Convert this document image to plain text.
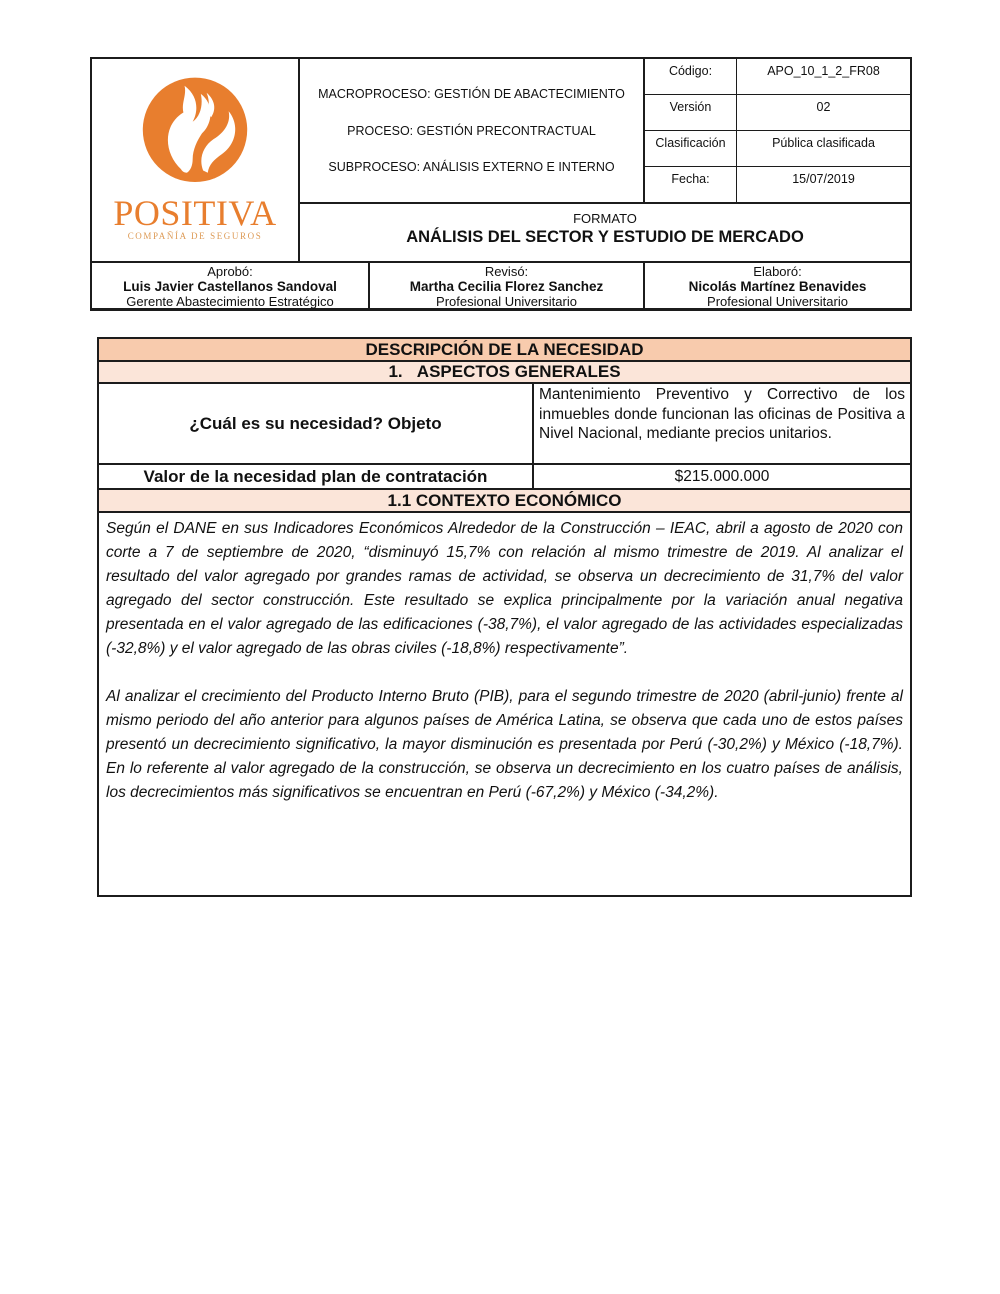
POSITIVA
COMPAÑÍA DE SEGUROS
MACROPROCESO: GESTIÓN DE ABACTECIMIENTO
PROCESO: GESTIÓN PRECONTRACTUAL
SUBPROCESO: ANÁLISIS EXTERNO E INTERNO
Código:	APO_10_1_2_FR08
Versión	02
Clasificación	Pública clasificada
Fecha:	15/07/2019
FORMATO
ANÁLISIS DEL SECTOR Y ESTUDIO DE MERCADO
Aprobó:
Luis Javier Castellanos Sandoval
Gerente Abastecimiento Estratégico
Revisó:
Martha Cecilia Florez Sanchez
Profesional Universitario
Elaboró:
Nicolás Martínez Benavides
Profesional Universitario
DESCRIPCIÓN DE LA NECESIDAD
1.   ASPECTOS GENERALES
¿Cuál es su necesidad? Objeto
Mantenimiento Preventivo y Correctivo de los inmuebles donde funcionan las oficinas de Positiva a Nivel Nacional, mediante precios unitarios.
Valor de la necesidad plan de contratación	$215.000.000
1.1 CONTEXTO ECONÓMICO

Según el DANE en sus Indicadores Económicos Alrededor de la Construcción – IEAC, abril a agosto de 2020 con corte a 7 de septiembre de 2020, “disminuyó 15,7% con relación al mismo trimestre de 2019. Al analizar el resultado del valor agregado por grandes ramas de actividad, se observa un decrecimiento de 31,7% del valor agregado del sector construcción. Este resultado se explica principalmente por la variación anual negativa presentada en el valor agregado de las edificaciones (-38,7%), el valor agregado de las actividades especializadas (-32,8%) y el valor agregado de las obras civiles (-18,8%) respectivamente”.

Al analizar el crecimiento del Producto Interno Bruto (PIB), para el segundo trimestre de 2020 (abril-junio) frente al mismo periodo del año anterior para algunos países de América Latina, se observa que cada uno de estos países presentó un decrecimiento significativo, la mayor disminución es presentada por Perú (-30,2%) y México (-18,7%). En lo referente al valor agregado de la construcción, se observa un decrecimiento en los cuatro países de análisis, los decrecimientos más significativos se encuentran en Perú (-67,2%) y México (-34,2%).
